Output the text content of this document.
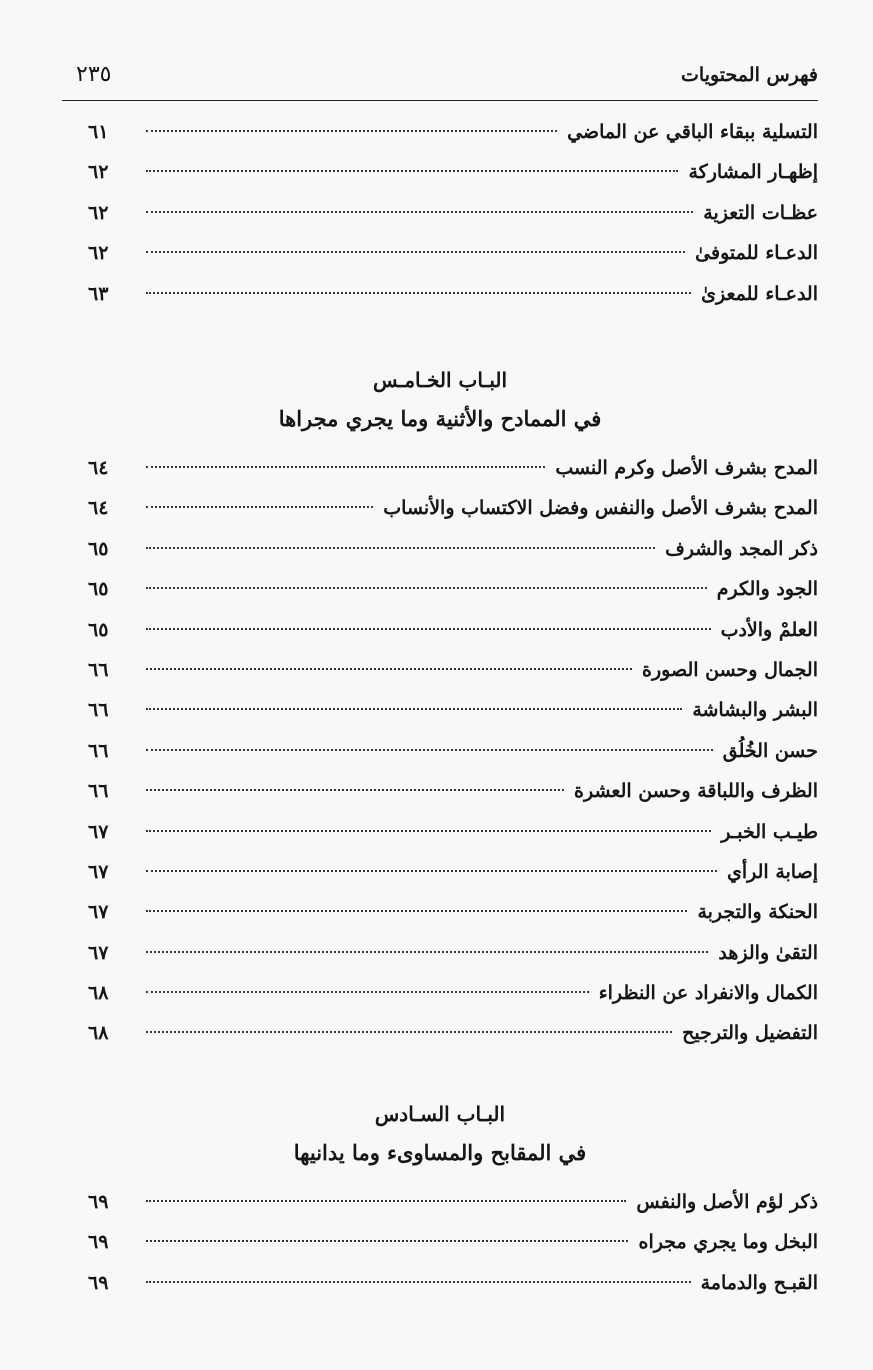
فهرس المحتويات
٢٣٥
التسلية ببقاء الباقي عن الماضي
٦١
إظهـار المشاركة
٦٢
عظـات التعزية
٦٢
الدعـاء للمتوفىٰ
٦٢
الدعـاء للمعزىٰ
٦٣
البـاب الخـامـس
في الممادح والأثنية وما يجري مجراها
المدح بشرف الأصل وكرم النسب
٦٤
المدح بشرف الأصل والنفس وفضل الاكتساب والأنساب
٦٤
ذكر المجد والشرف
٦٥
الجود والكرم
٦٥
العلمْ والأدب
٦٥
الجمال وحسن الصورة
٦٦
البشر والبشاشة
٦٦
حسن الخُلُق
٦٦
الظرف واللباقة وحسن العشرة
٦٦
طيـب الخبـر
٦٧
إصابة الرأي
٦٧
الحنكة والتجربة
٦٧
التقىٰ والزهد
٦٧
الكمال والانفراد عن النظراء
٦٨
التفضيل والترجيح
٦٨
البـاب السـادس
في المقابح والمساوىء وما يدانيها
ذكر لؤم الأصل والنفس
٦٩
البخل وما يجري مجراه
٦٩
القبـح والدمامة
٦٩
